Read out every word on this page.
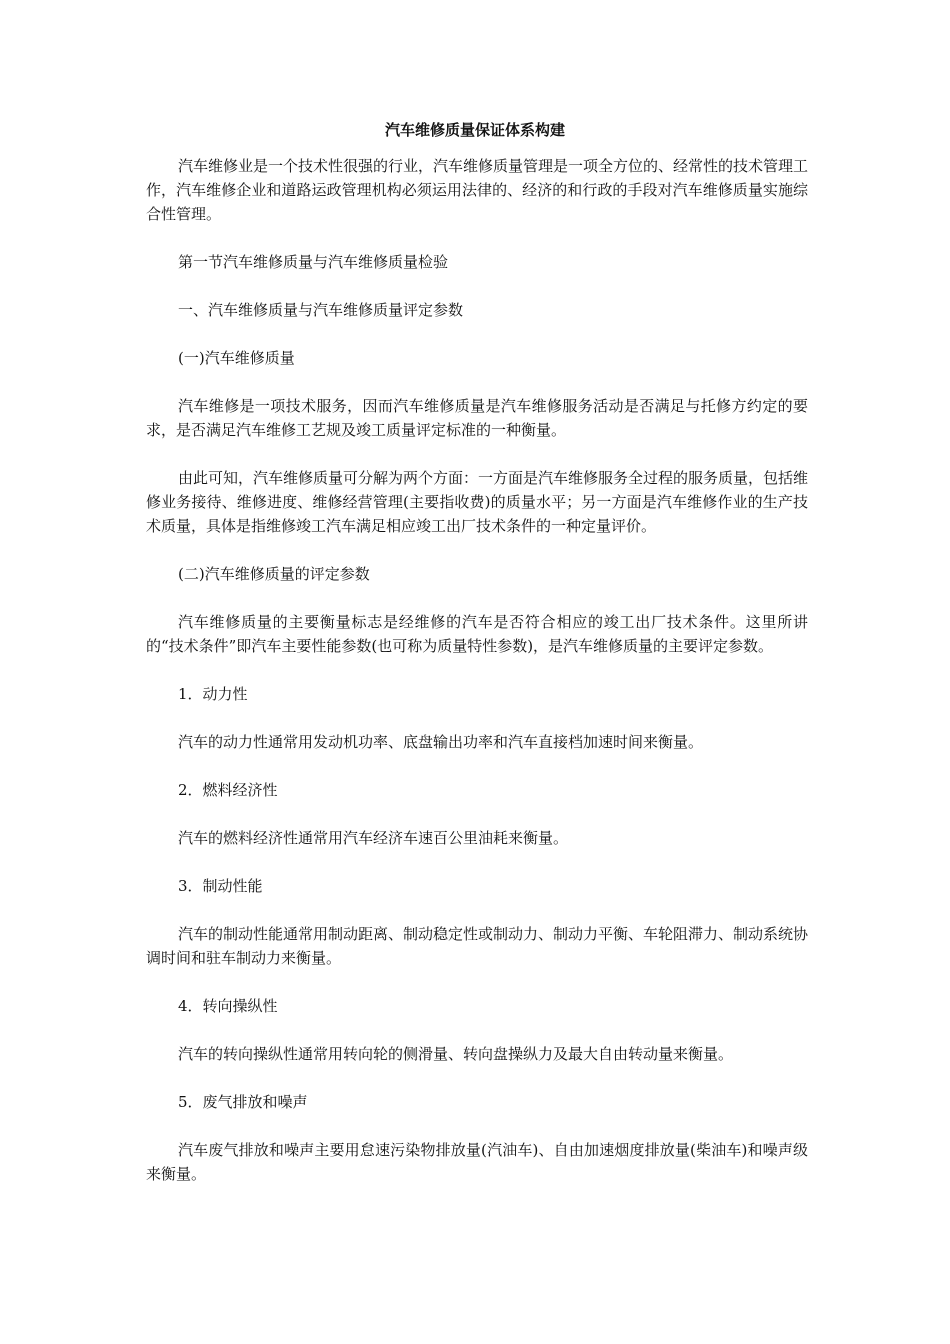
汽车维修质量保证体系构建

汽车维修业是一个技术性很强的行业，汽车维修质量管理是一项全方位的、经常性的技术管理工作，汽车维修企业和道路运政管理机构必须运用法律的、经济的和行政的手段对汽车维修质量实施综合性管理。

第一节汽车维修质量与汽车维修质量检验

一、汽车维修质量与汽车维修质量评定参数

(一)汽车维修质量

汽车维修是一项技术服务，因而汽车维修质量是汽车维修服务活动是否满足与托修方约定的要求，是否满足汽车维修工艺规及竣工质量评定标准的一种衡量。

由此可知，汽车维修质量可分解为两个方面：一方面是汽车维修服务全过程的服务质量，包括维修业务接待、维修进度、维修经营管理(主要指收费)的质量水平；另一方面是汽车维修作业的生产技术质量，具体是指维修竣工汽车满足相应竣工出厂技术条件的一种定量评价。

(二)汽车维修质量的评定参数

汽车维修质量的主要衡量标志是经维修的汽车是否符合相应的竣工出厂技术条件。这里所讲的“技术条件”即汽车主要性能参数(也可称为质量特性参数)，是汽车维修质量的主要评定参数。

1．动力性

汽车的动力性通常用发动机功率、底盘输出功率和汽车直接档加速时间来衡量。

2．燃料经济性

汽车的燃料经济性通常用汽车经济车速百公里油耗来衡量。

3．制动性能

汽车的制动性能通常用制动距离、制动稳定性或制动力、制动力平衡、车轮阻滞力、制动系统协调时间和驻车制动力来衡量。

4．转向操纵性

汽车的转向操纵性通常用转向轮的侧滑量、转向盘操纵力及最大自由转动量来衡量。

5．废气排放和噪声

汽车废气排放和噪声主要用怠速污染物排放量(汽油车)、自由加速烟度排放量(柴油车)和噪声级来衡量。
